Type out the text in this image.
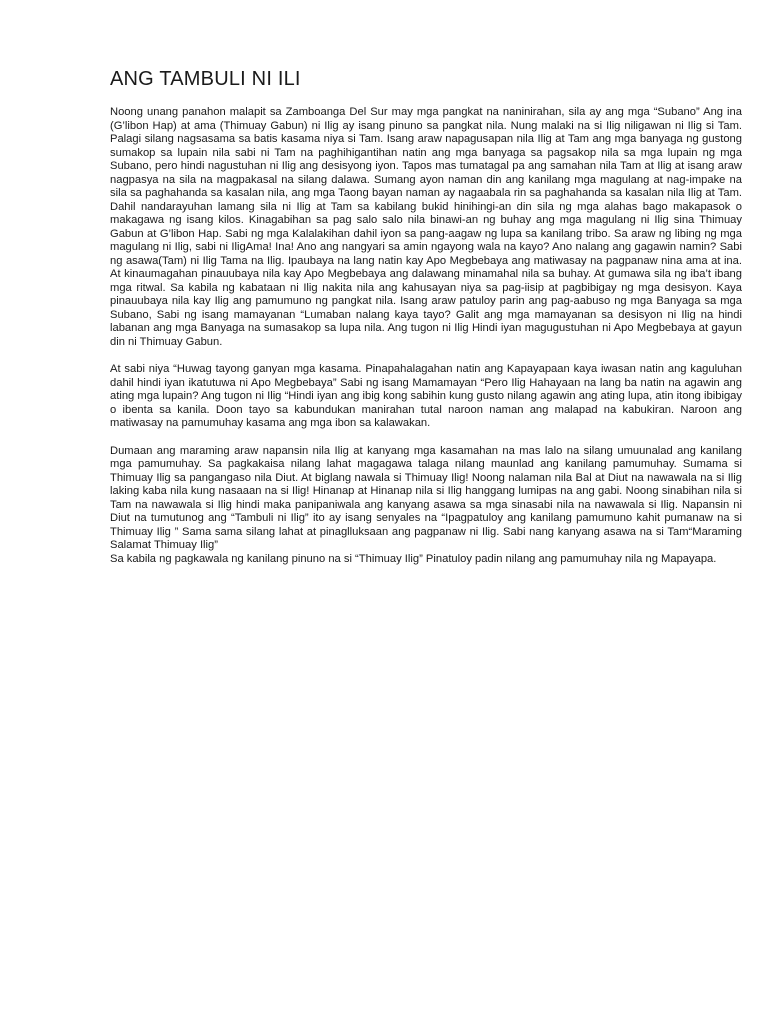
ANG TAMBULI NI ILI

Noong unang panahon malapit sa Zamboanga Del Sur may mga pangkat na naninirahan, sila ay ang mga “Subano” Ang ina (G’libon Hap) at ama (Thimuay Gabun) ni Ilig ay isang pinuno sa pangkat nila. Nung malaki na si Ilig niligawan ni Ilig si Tam. Palagi silang nagsasama sa batis kasama niya si Tam. Isang araw napagusapan nila Ilig at Tam ang mga banyaga ng gustong sumakop sa lupain nila sabi ni Tam na paghihigantihan natin ang mga banyaga sa pagsakop nila sa mga lupain ng mga Subano, pero hindi nagustuhan ni Ilig ang desisyong iyon. Tapos mas tumatagal pa ang samahan nila Tam at Ilig at isang araw nagpasya na sila na magpakasal na silang dalawa. Sumang ayon naman din ang kanilang mga magulang at nag-impake na sila sa paghahanda sa kasalan nila, ang mga Taong bayan naman ay nagaabala rin sa paghahanda sa kasalan nila Ilig at Tam. Dahil nandarayuhan lamang sila ni Ilig at Tam sa kabilang bukid hinihingi-an din sila ng mga alahas bago makapasok o makagawa ng isang kilos. Kinagabihan sa pag salo salo nila binawi-an ng buhay ang mga magulang ni Ilig sina Thimuay Gabun at G’libon Hap. Sabi ng mga Kalalakihan dahil iyon sa pang-aagaw ng lupa sa kanilang tribo. Sa araw ng libing ng mga magulang ni Ilig, sabi ni IligAma! Ina! Ano ang nangyari sa amin ngayong wala na kayo? Ano nalang ang gagawin namin? Sabi ng asawa(Tam) ni Ilig Tama na Ilig. Ipaubaya na lang natin kay Apo Megbebaya ang matiwasay na pagpanaw nina ama at ina. At kinaumagahan pinauubaya nila kay Apo Megbebaya ang dalawang minamahal nila sa buhay. At gumawa sila ng iba’t ibang mga ritwal. Sa kabila ng kabataan ni Ilig nakita nila ang kahusayan niya sa pag-iisip at pagbibigay ng mga desisyon. Kaya pinauubaya nila kay Ilig ang pamumuno ng pangkat nila. Isang araw patuloy parin ang pag-aabuso ng mga Banyaga sa mga Subano, Sabi ng isang mamayanan “Lumaban nalang kaya tayo? Galit ang mga mamayanan sa desisyon ni Ilig na hindi labanan ang mga Banyaga na sumasakop sa lupa nila. Ang tugon ni Ilig Hindi iyan magugustuhan ni Apo Megbebaya at gayun din ni Thimuay Gabun.

At sabi niya “Huwag tayong ganyan mga kasama. Pinapahalagahan natin ang Kapayapaan kaya iwasan natin ang kaguluhan dahil hindi iyan ikatutuwa ni Apo Megbebaya” Sabi ng isang Mamamayan “Pero Ilig Hahayaan na lang ba natin na agawin ang ating mga lupain? Ang tugon ni Ilig “Hindi iyan ang ibig kong sabihin kung gusto nilang agawin ang ating lupa, atin itong ibibigay o ibenta sa kanila. Doon tayo sa kabundukan manirahan tutal naroon naman ang malapad na kabukiran. Naroon ang matiwasay na pamumuhay kasama ang mga ibon sa kalawakan.

Dumaan ang maraming araw napansin nila Ilig at kanyang mga kasamahan na mas lalo na silang umuunalad ang kanilang mga pamumuhay. Sa pagkakaisa nilang lahat magagawa talaga nilang maunlad ang kanilang pamumuhay. Sumama si Thimuay Ilig sa pangangaso nila Diut. At biglang nawala si Thimuay Ilig! Noong nalaman nila Bal at Diut na nawawala na si Ilig laking kaba nila kung nasaaan na si Ilig! Hinanap at Hinanap nila si Ilig hanggang lumipas na ang gabi. Noong sinabihan nila si Tam na nawawala si Ilig hindi maka panipaniwala ang kanyang asawa sa mga sinasabi nila na nawawala si Ilig. Napansin ni Diut na tumutunog ang “Tambuli ni Ilig” ito ay isang senyales na “Ipagpatuloy ang kanilang pamumuno kahit pumanaw na si Thimuay Ilig ” Sama sama silang lahat at pinaglluksaan ang pagpanaw ni Ilig. Sabi nang kanyang asawa na si Tam“Maraming Salamat Thimuay Ilig”

Sa kabila ng pagkawala ng kanilang pinuno na si “Thimuay Ilig” Pinatuloy padin nilang ang pamumuhay nila ng Mapayapa.
